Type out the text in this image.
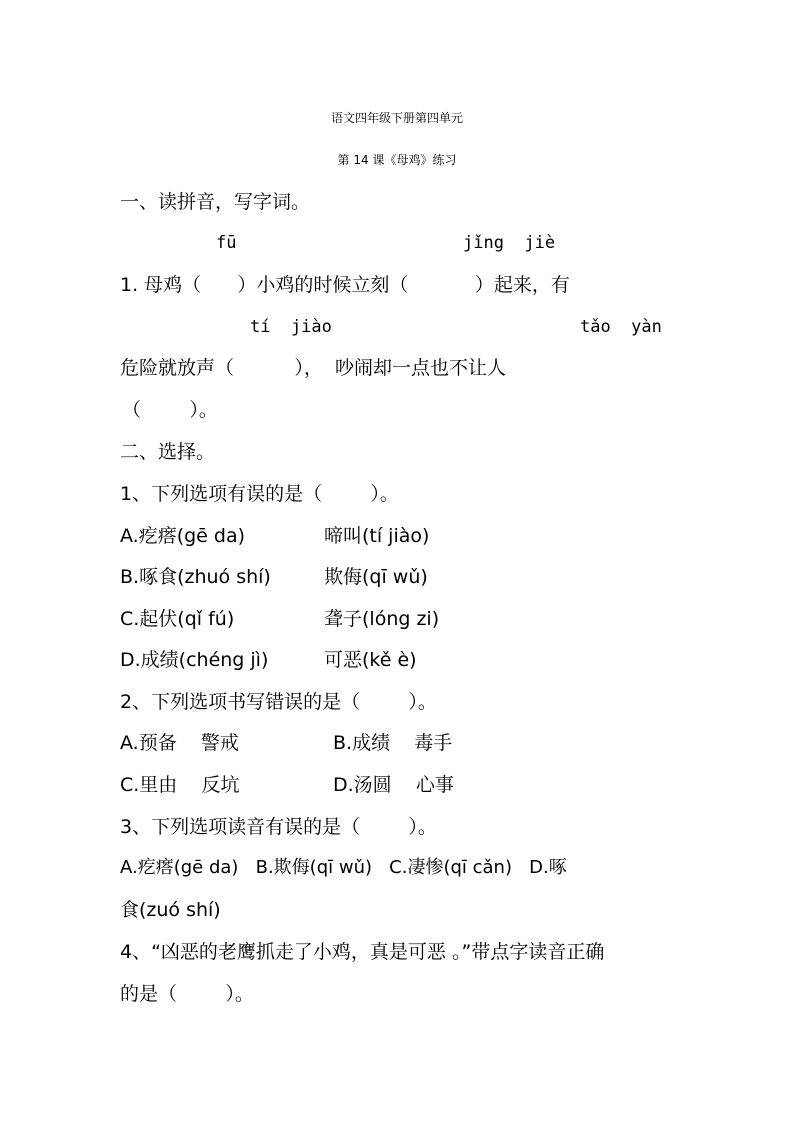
语文四年级下册第四单元
第 14 课《母鸡》练习
一、读拼音，写字词。
fū	jǐng  jiè
1. 母鸡（      ）小鸡的时候立刻（           ）起来，有
tí  jiào	tǎo  yàn
危险就放声（          ），  吵闹却一点也不让人
（        ）。
二、选择。
1、下列选项有误的是（        ）。
A.疙瘩(gē da)	啼叫(tí jiào)
B.啄食(zhuó shí)	欺侮(qī wǔ)
C.起伏(qǐ fú)	聋子(lóng zi)
D.成绩(chéng jì)	可恶(kě è)
2、下列选项书写错误的是（        ）。
A.预备    警戒	B.成绩    毒手
C.里由    反坑	D.汤圆    心事
3、下列选项读音有误的是（        ）。
A.疙瘩(gē da)   B.欺侮(qī wǔ)   C.凄惨(qī cǎn)   D.啄
食(zuó shí)
4、“凶恶的老鹰抓走了小鸡，真是可恶 。”带点字读音正确
的是（        ）。
